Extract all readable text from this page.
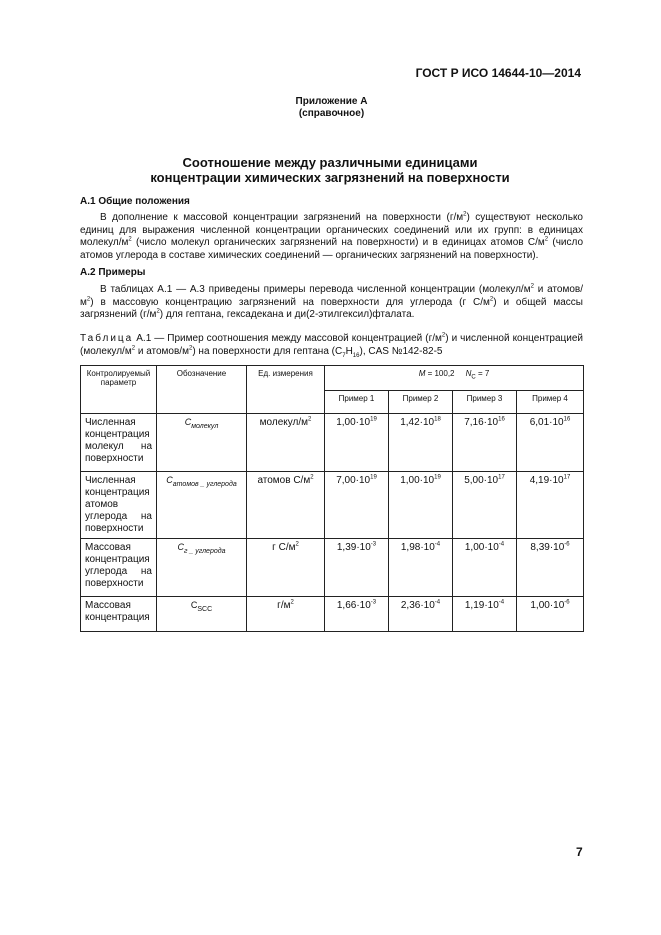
ГОСТ Р ИСО 14644-10—2014
Приложение А
(справочное)
Соотношение между различными единицами
концентрации химических загрязнений на поверхности
А.1 Общие положения
В дополнение к массовой концентрации загрязнений на поверхности $(г/м^2)$ существуют несколько единиц для выражения численной концентрации органических соединений или их групп: в единицах молекул/$м^2$ (число молекул органических загрязнений на поверхности) и в единицах атомов $С/м^2$ (число атомов углерода в составе химических соединений — органических загрязнений на поверхности).
А.2 Примеры
В таблицах А.1 — А.3 приведены примеры перевода численной концентрации ($молекул/м^2$ и атомов/$м^2$) в массовую концентрацию загрязнений на поверхности для углерода (г $С/м^2$) и общей массы загрязнений $(г/м^2)$ для гептана, гексадекана и ди(2-этилгексил)фталата.
Таблица А.1 — Пример соотношения между массовой концентрацией $(г/м^2)$ и численной концентрацией ($молекул/м^2$ и атомов/$м^2$) на поверхности для гептана $(С_7Н_{16})$, CAS №142-82-5
Контролируемый параметр	Обозначение	Ед. измерения	M = 100,2 $N_C = 7$			
			Пример 1	Пример 2	Пример 3	Пример 4
Численная концентрация молекул на поверхности	$С_{молекул}$	молекул/$м^2$	$1,00\cdot 10^{19}$	$1,42\cdot 10^{18}$	$7,16\cdot 10^{16}$	$6,01\cdot 10^{16}$
Численная концентрация атомов углерода на поверхности	$С_{атомов \_ углерода}$	атомов $С/м^2$	$7,00\cdot 10^{19}$	$1,00\cdot 10^{19}$	$5,00\cdot 10^{17}$	$4,19\cdot 10^{17}$
Массовая концентрация углерода на поверхности	$С_{г \_ углерода}$	г $С/м^2$	$1,39\cdot 10^{-3}$	$1,98\cdot 10^{-4}$	$1,00\cdot 10^{-4}$	$8,39\cdot 10^{-6}$
Массовая концентрация	$С_{SCC}$	$г/м^2$	$1,66\cdot 10^{-3}$	$2,36\cdot 10^{-4}$	$1,19\cdot 10^{-4}$	$1,00\cdot 10^{-6}$
7
